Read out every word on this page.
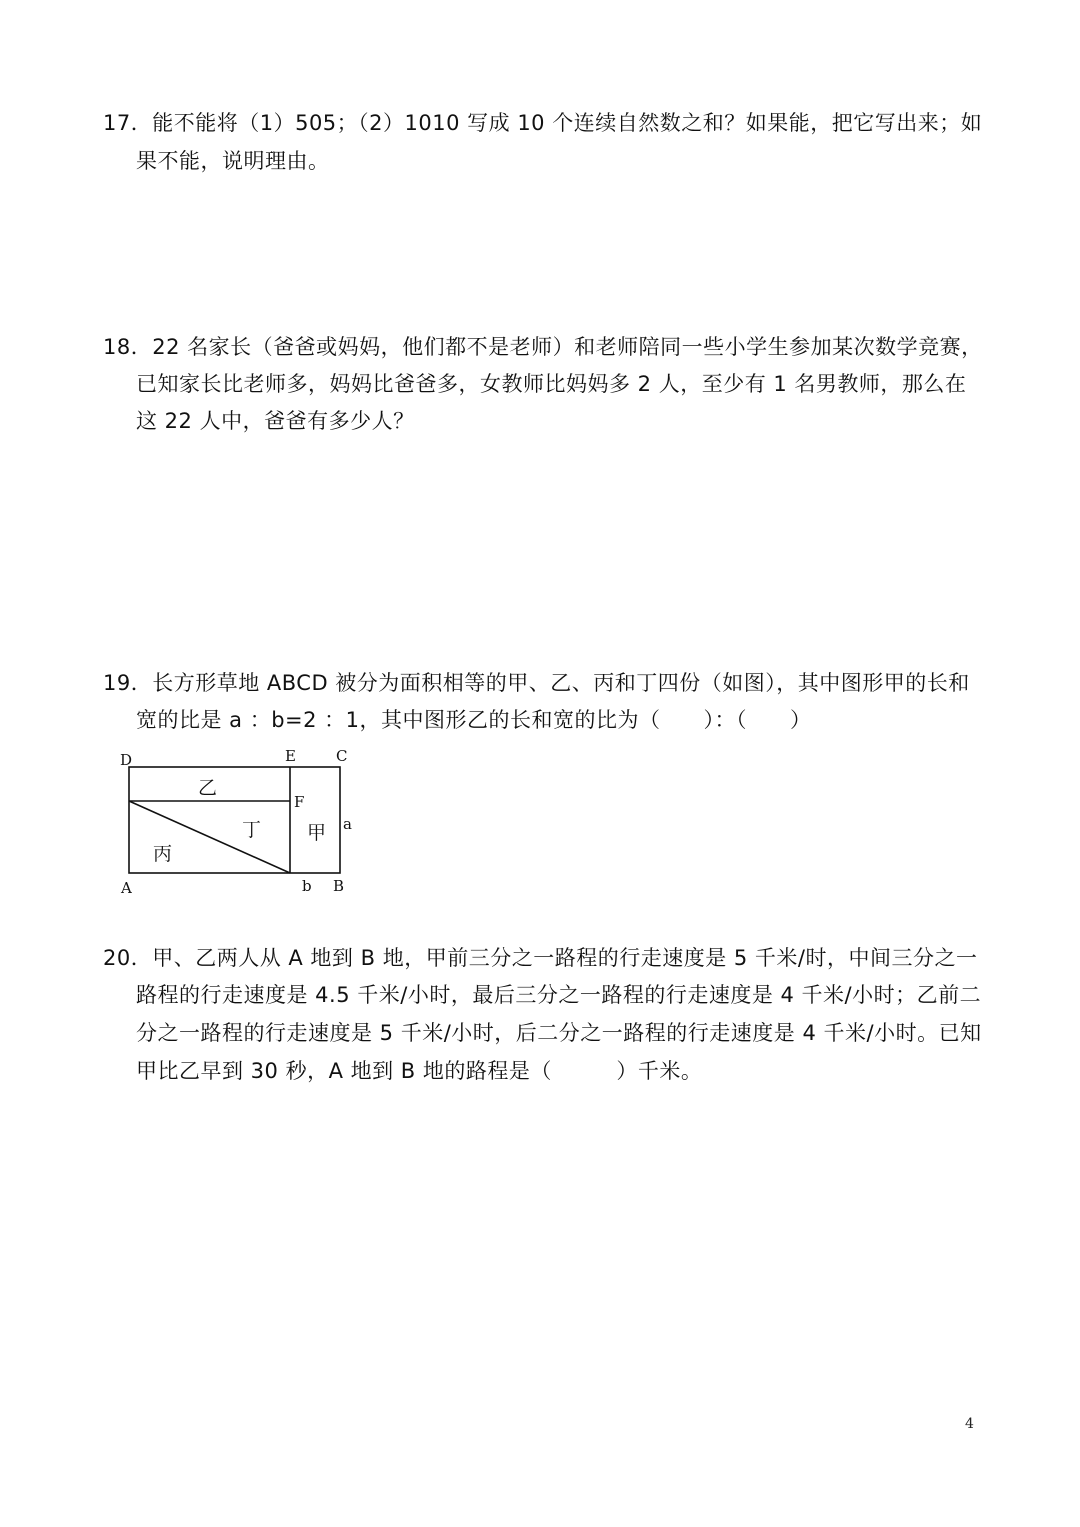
17．能不能将（1）505；（2）1010 写成 10 个连续自然数之和？如果能，把它写出来；如
果不能，说明理由。
18．22 名家长（爸爸或妈妈，他们都不是老师）和老师陪同一些小学生参加某次数学竞赛，
已知家长比老师多，妈妈比爸爸多，女教师比妈妈多 2 人，至少有 1 名男教师，那么在
这 22 人中，爸爸有多少人？
19．长方形草地 ABCD 被分为面积相等的甲、乙、丙和丁四份（如图），其中图形甲的长和
宽的比是 a ：b=2 ：1，其中图形乙的长和宽的比为（　　）：（　　）
D	E	C
F
a
A	b B
乙
丁 甲
丙
20．甲、乙两人从 A 地到 B 地，甲前三分之一路程的行走速度是 5 千米/时，中间三分之一
路程的行走速度是 4.5 千米/小时，最后三分之一路程的行走速度是 4 千米/小时；乙前二
分之一路程的行走速度是 5 千米/小时，后二分之一路程的行走速度是 4 千米/小时。已知
甲比乙早到 30 秒，A 地到 B 地的路程是（　　　）千米。
4
